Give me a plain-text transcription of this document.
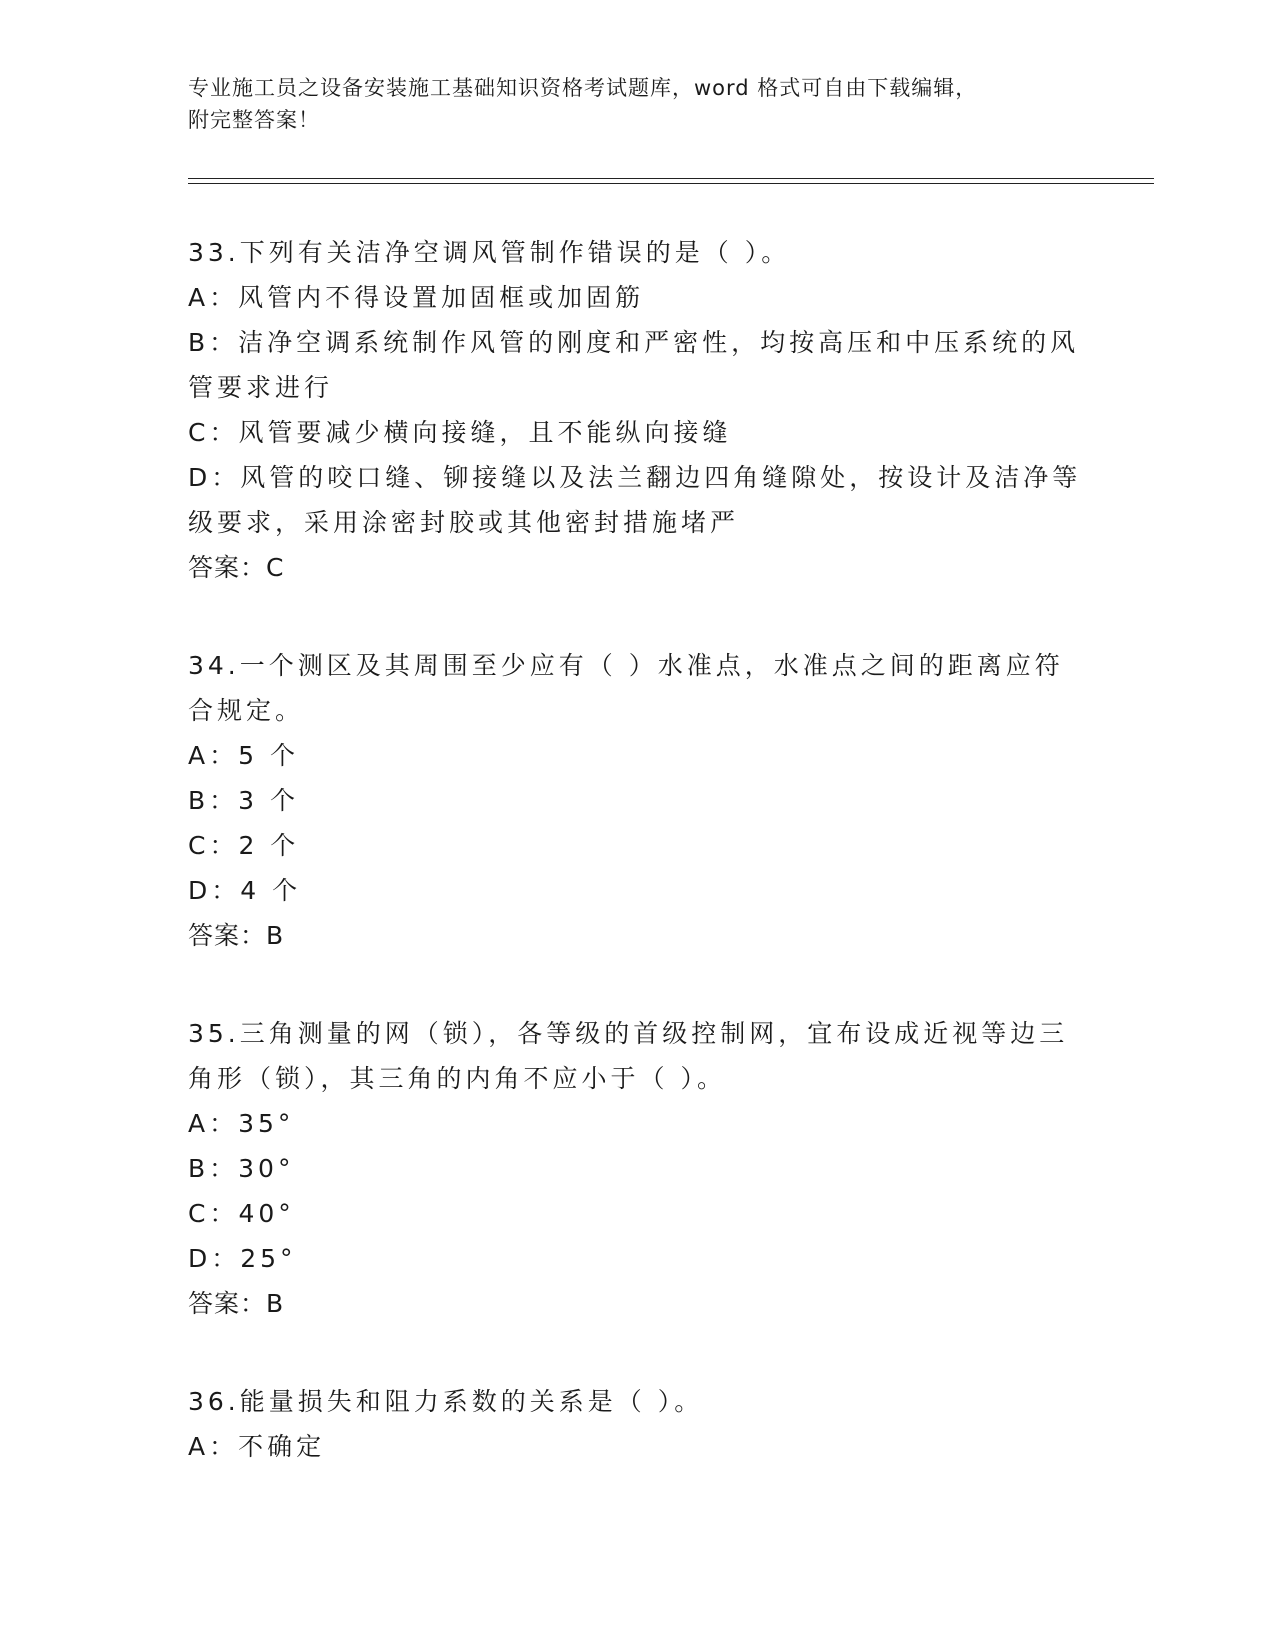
专业施工员之设备安装施工基础知识资格考试题库，word 格式可自由下载编辑，
附完整答案！
33.下列有关洁净空调风管制作错误的是（ ）。
A：风管内不得设置加固框或加固筋
B：洁净空调系统制作风管的刚度和严密性，均按高压和中压系统的风
管要求进行
C：风管要减少横向接缝，且不能纵向接缝
D：风管的咬口缝、铆接缝以及法兰翻边四角缝隙处，按设计及洁净等
级要求，采用涂密封胶或其他密封措施堵严
答案：C
34.一个测区及其周围至少应有（ ）水准点，水准点之间的距离应符
合规定。
A：5 个
B：3 个
C：2 个
D：4 个
答案：B
35.三角测量的网（锁），各等级的首级控制网，宜布设成近视等边三
角形（锁），其三角的内角不应小于（ ）。
A：35°
B：30°
C：40°
D：25°
答案：B
36.能量损失和阻力系数的关系是（ ）。
A：不确定
